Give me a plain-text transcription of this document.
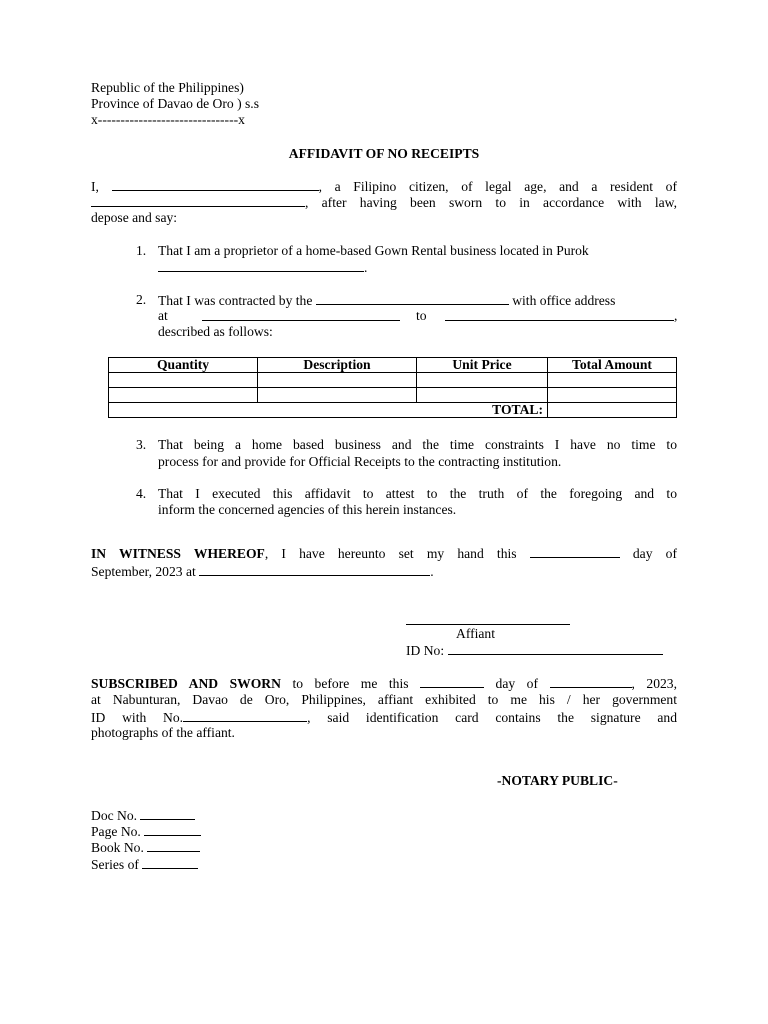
Republic of the Philippines)
Province of Davao de Oro ) s.s
x-------------------------------x
AFFIDAVIT OF NO RECEIPTS
I,	, a Filipino citizen, of legal age, and a resident of
, after having been sworn to in accordance with law,
depose and say:
1. That I am a proprietor of a home-based Gown Rental business located in Purok
.
2. That I was contracted by the	with office address
at	to	,
described as follows:
Quantity	Description	Unit Price	Total Amount

TOTAL:			
3. That being a home based business and the time constraints I have no time to
process for and provide for Official Receipts to the contracting institution.
4. That I executed this affidavit to attest to the truth of the foregoing and to
inform the concerned agencies of this herein instances.
IN WITNESS WHEREOF, I have hereunto set my hand this	day of
September, 2023 at	.
Affiant
ID No:
SUBSCRIBED AND SWORN to before me this	day of	, 2023,
at Nabunturan, Davao de Oro, Philippines, affiant exhibited to me his / her government
ID with No.	, said identification card contains the signature and
photographs of the affiant.
-NOTARY PUBLIC-
Doc No.
Page No.
Book No.
Series of
